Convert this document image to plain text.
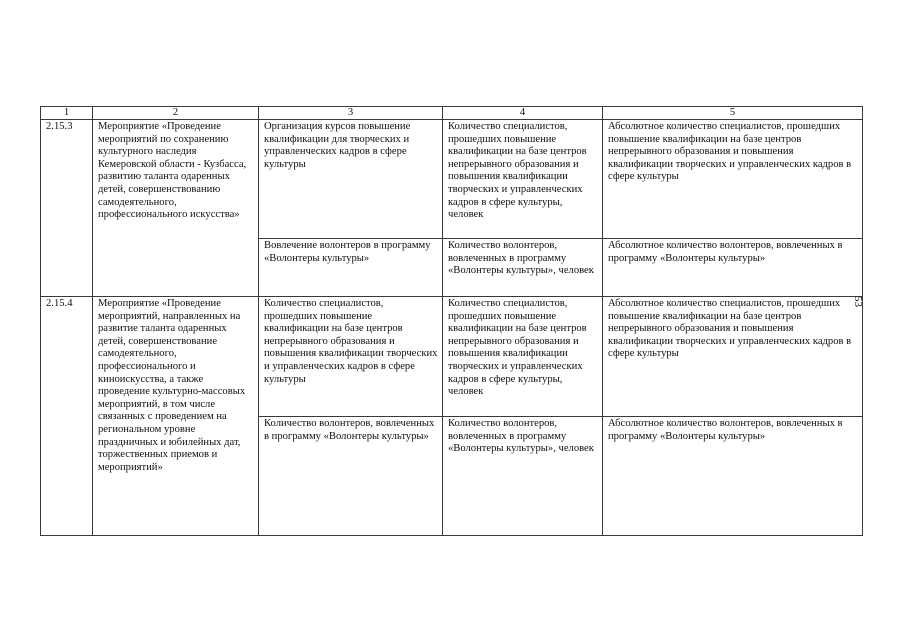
1	2	3	4	5
2.15.3	Мероприятие «Проведение мероприятий по сохранению культурного наследия Кемеровской области - Кузбасса, развитию таланта одаренных детей, совершенствованию самодеятельного, профессионального искусства»	Организация курсов повышение квалификации для творческих и управленческих кадров в сфере культуры	Количество специалистов, прошедших повышение квалификации на базе центров непрерывного образования и повышения квалификации творческих и управленческих кадров в сфере культуры, человек	Абсолютное количество специалистов, прошедших повышение квалификации на базе центров непрерывного образования и повышения квалификации творческих и управленческих кадров в сфере культуры
		Вовлечение волонтеров в программу «Волонтеры культуры»	Количество волонтеров, вовлеченных в программу «Волонтеры культуры», человек	Абсолютное количество волонтеров, вовлеченных в программу «Волонтеры культуры»
2.15.4	Мероприятие «Проведение мероприятий, направленных на развитие таланта одаренных детей, совершенствование самодеятельного, профессионального и киноискусства, а также проведение культурно-массовых мероприятий, в том числе связанных с проведением на региональном уровне праздничных и юбилейных дат, торжественных приемов и мероприятий»	Количество специалистов, прошедших повышение квалификации на базе центров непрерывного образования и повышения квалификации творческих и управленческих кадров в сфере культуры	Количество специалистов, прошедших повышение квалификации на базе центров непрерывного образования и повышения квалификации творческих и управленческих кадров в сфере культуры, человек	Абсолютное количество специалистов, прошедших повышение квалификации на базе центров непрерывного образования и повышения квалификации творческих и управленческих кадров в сфере культуры
		Количество волонтеров, вовлеченных в программу «Волонтеры культуры»	Количество волонтеров, вовлеченных в программу «Волонтеры культуры», человек	Абсолютное количество волонтеров, вовлеченных в программу «Волонтеры культуры»
53
